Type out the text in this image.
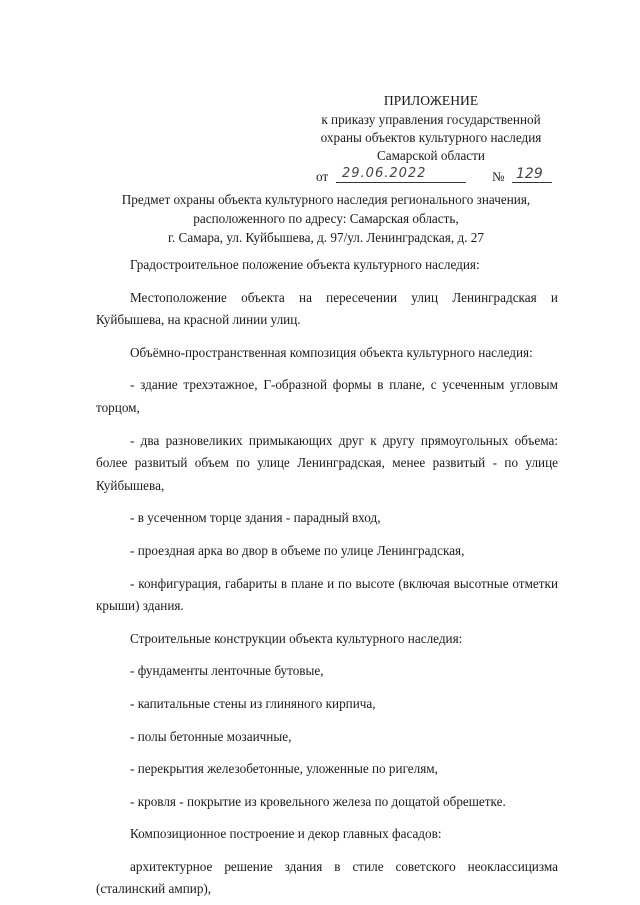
ПРИЛОЖЕНИЕ
к приказу управления государственной
охраны объектов культурного наследия
Самарской области
от	29.06.2022	№ 129
Предмет охраны объекта культурного наследия регионального значения,
расположенного по адресу: Самарская область,
г. Самара, ул. Куйбышева, д. 97/ул. Ленинградская, д. 27

Градостроительное положение объекта культурного наследия:

Местоположение объекта на пересечении улиц Ленинградская и Куйбышева, на красной линии улиц.

Объёмно-пространственная композиция объекта культурного наследия:

- здание трехэтажное, Г-образной формы в плане, с усеченным угловым торцом,

- два разновеликих примыкающих друг к другу прямоугольных объема: более развитый объем по улице Ленинградская, менее развитый - по улице Куйбышева,

- в усеченном торце здания - парадный вход,

- проездная арка во двор в объеме по улице Ленинградская,

- конфигурация, габариты в плане и по высоте (включая высотные отметки крыши) здания.

Строительные конструкции объекта культурного наследия:

- фундаменты ленточные бутовые,

- капитальные стены из глиняного кирпича,

- полы бетонные мозаичные,

- перекрытия железобетонные, уложенные по ригелям,

- кровля - покрытие из кровельного железа по дощатой обрешетке.

Композиционное построение и декор главных фасадов:

архитектурное решение здания в стиле советского неоклассицизма (сталинский ампир),
